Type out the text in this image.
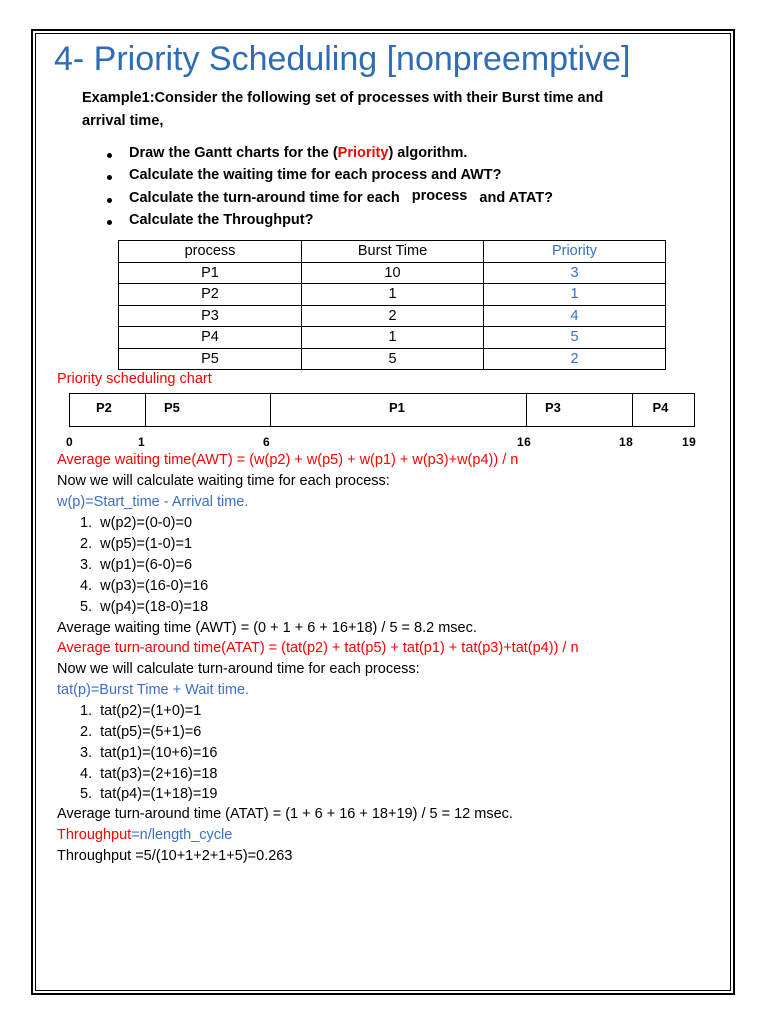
4- Priority Scheduling [nonpreemptive]
Example1:Consider the following set of processes with their Burst time and
arrival time,
Draw the Gantt charts for the (Priority) algorithm.
Calculate the waiting time for each process and AWT?
Calculate the turn-around time for each process and ATAT?
Calculate the Throughput?
process	Burst Time	Priority
P1	10	3
P2	1	1
P3	2	4
P4	1	5
P5	5	2
Priority scheduling chart
P2	P5	P1	P3	P4
0	1	6	16	18	19
Average waiting time(AWT) = (w(p2) + w(p5) + w(p1) + w(p3)+w(p4)) / n
Now we will calculate waiting time for each process:
w(p)=Start_time - Arrival time.
1. w(p2)=(0-0)=0
2. w(p5)=(1-0)=1
3. w(p1)=(6-0)=6
4. w(p3)=(16-0)=16
5. w(p4)=(18-0)=18
Average waiting time (AWT) = (0 + 1 + 6 + 16+18) / 5 = 8.2 msec.
Average turn-around time(ATAT) = (tat(p2) + tat(p5) + tat(p1) + tat(p3)+tat(p4)) / n
Now we will calculate turn-around time for each process:
tat(p)=Burst Time + Wait time.
1. tat(p2)=(1+0)=1
2. tat(p5)=(5+1)=6
3. tat(p1)=(10+6)=16
4. tat(p3)=(2+16)=18
5. tat(p4)=(1+18)=19
Average turn-around time (ATAT) = (1 + 6 + 16 + 18+19) / 5 = 12 msec.
Throughput=n/length_cycle
Throughput =5/(10+1+2+1+5)=0.263
